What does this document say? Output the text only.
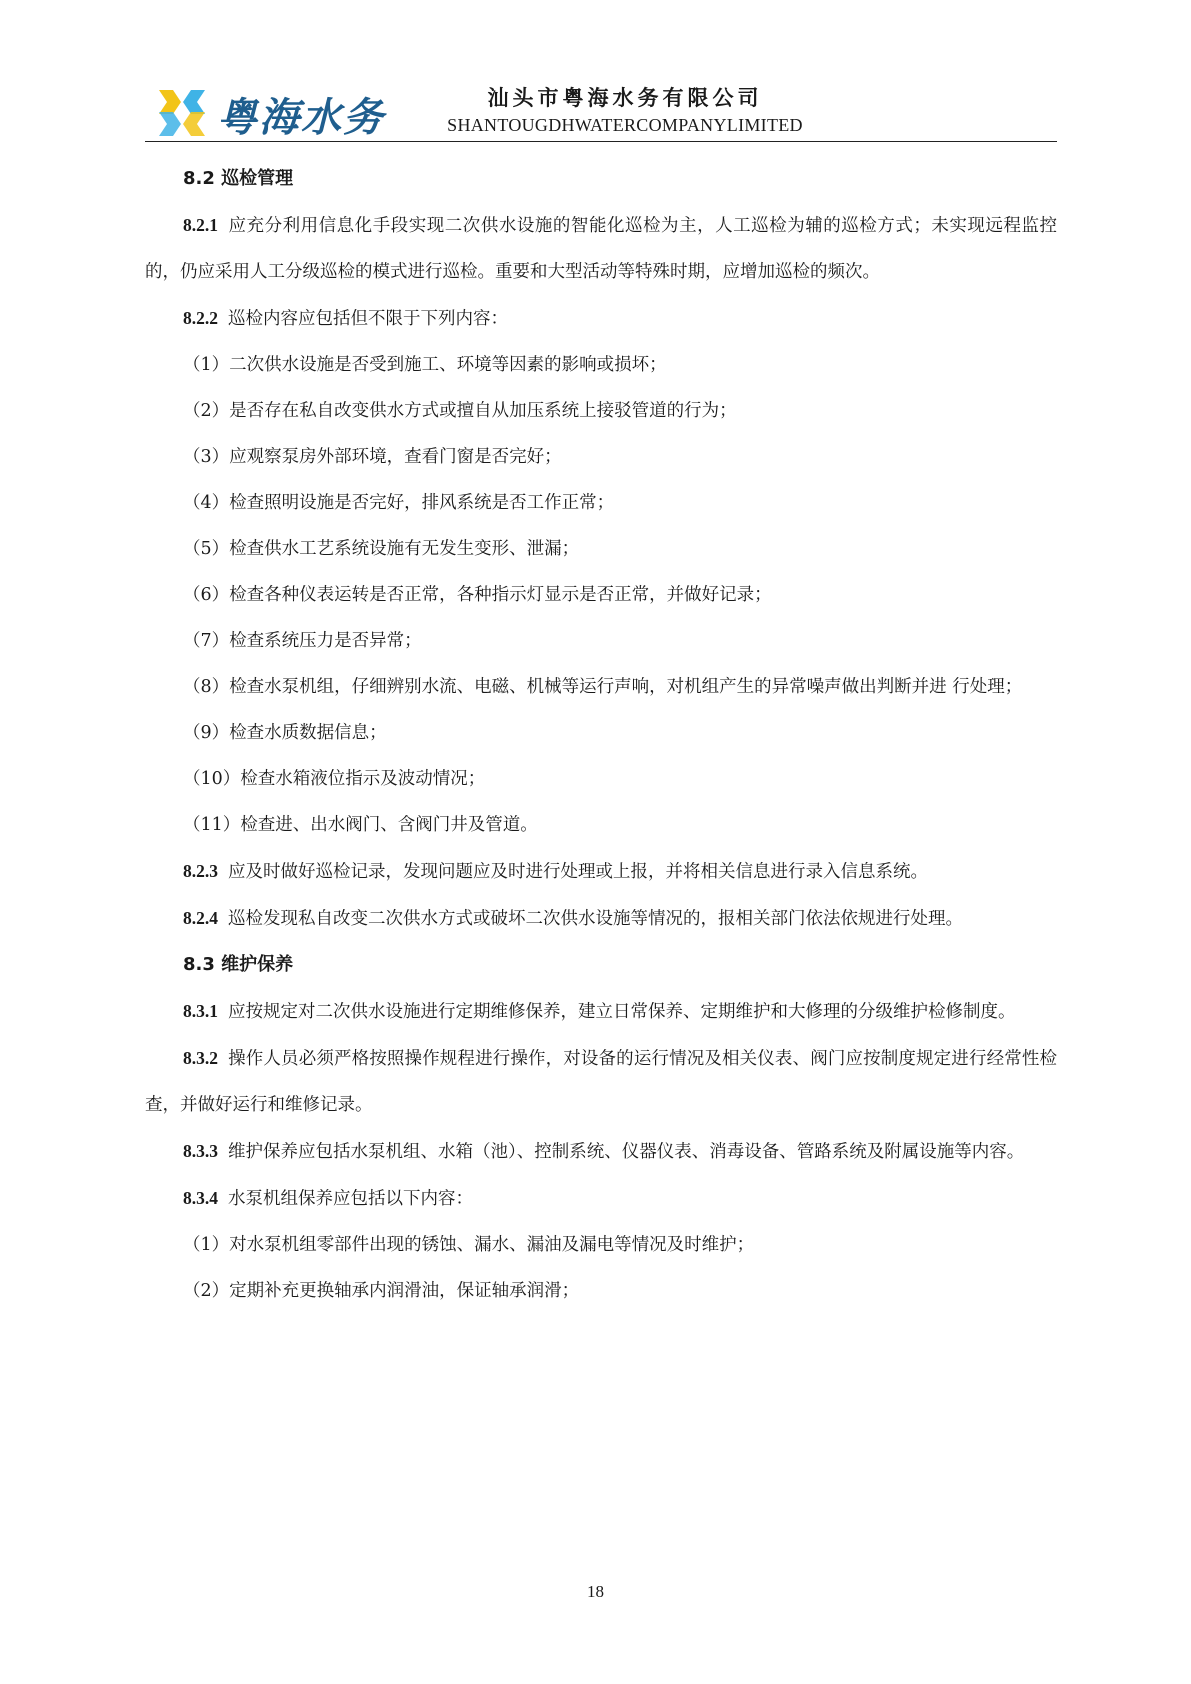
粤海水务	汕头市粤海水务有限公司
SHANTOUGDHWATERCOMPANYLIMITED

8.2 巡检管理

8.2.1 应充分利用信息化手段实现二次供水设施的智能化巡检为主，人工巡检为辅的巡检方式；未实现远程监控的，仍应采用人工分级巡检的模式进行巡检。重要和大型活动等特殊时期，应增加巡检的频次。

8.2.2 巡检内容应包括但不限于下列内容：

（1）二次供水设施是否受到施工、环境等因素的影响或损坏；

（2）是否存在私自改变供水方式或擅自从加压系统上接驳管道的行为；

（3）应观察泵房外部环境，查看门窗是否完好；

（4）检查照明设施是否完好，排风系统是否工作正常；

（5）检查供水工艺系统设施有无发生变形、泄漏；

（6）检查各种仪表运转是否正常，各种指示灯显示是否正常，并做好记录；

（7）检查系统压力是否异常；

（8）检查水泵机组，仔细辨别水流、电磁、机械等运行声响，对机组产生的异常噪声做出判断并进 行处理；

（9）检查水质数据信息；

（10）检查水箱液位指示及波动情况；

（11）检查进、出水阀门、含阀门井及管道。

8.2.3 应及时做好巡检记录，发现问题应及时进行处理或上报，并将相关信息进行录入信息系统。

8.2.4 巡检发现私自改变二次供水方式或破坏二次供水设施等情况的，报相关部门依法依规进行处理。

8.3 维护保养

8.3.1 应按规定对二次供水设施进行定期维修保养，建立日常保养、定期维护和大修理的分级维护检修制度。

8.3.2 操作人员必须严格按照操作规程进行操作，对设备的运行情况及相关仪表、阀门应按制度规定进行经常性检查，并做好运行和维修记录。

8.3.3 维护保养应包括水泵机组、水箱（池）、控制系统、仪器仪表、消毒设备、管路系统及附属设施等内容。

8.3.4 水泵机组保养应包括以下内容：

（1）对水泵机组零部件出现的锈蚀、漏水、漏油及漏电等情况及时维护；

（2）定期补充更换轴承内润滑油，保证轴承润滑；

18
